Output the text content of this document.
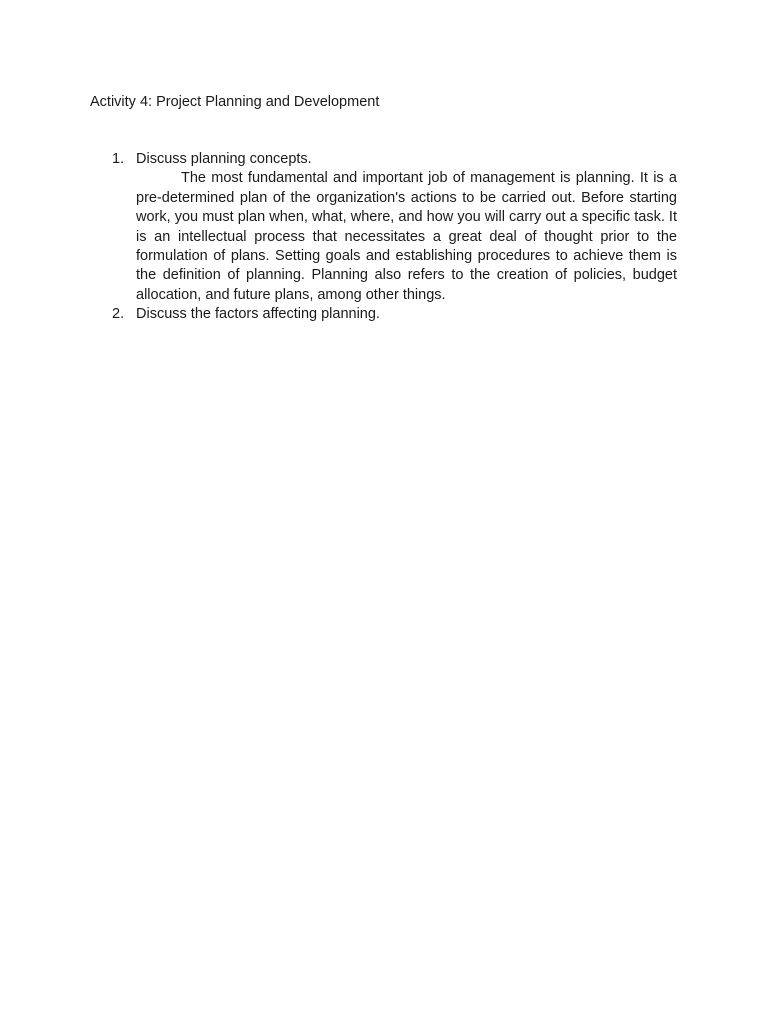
Activity 4: Project Planning and Development
1. Discuss planning concepts.
The most fundamental and important job of management is planning. It is a pre-determined plan of the organization's actions to be carried out. Before starting work, you must plan when, what, where, and how you will carry out a specific task. It is an intellectual process that necessitates a great deal of thought prior to the formulation of plans. Setting goals and establishing procedures to achieve them is the definition of planning. Planning also refers to the creation of policies, budget allocation, and future plans, among other things.
2. Discuss the factors affecting planning.
